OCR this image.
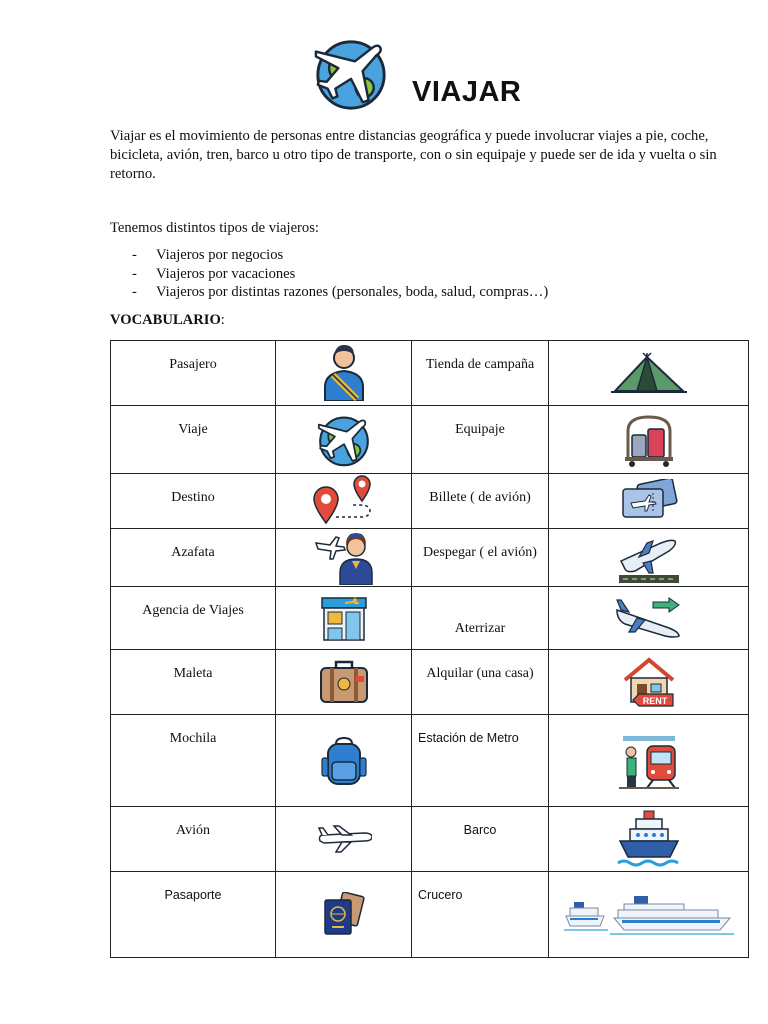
VIAJAR

Viajar es el movimiento de personas entre distancias geográfica y puede involucrar viajes a pie, coche, bicicleta, avión, tren, barco u otro tipo de transporte, con o sin equipaje y puede ser de ida y vuelta o sin retorno.

Tenemos distintos tipos de viajeros:
- Viajeros por negocios
- Viajeros por vacaciones
- Viajeros por distintas razones (personales, boda, salud, compras…)
VOCABULARIO:
Pasajero		Tienda de campaña	

Viaje		Equipaje	

Destino		Billete ( de avión)	

Azafata		Despegar ( el avión)	

Agencia de Viajes		Aterrizar

Maleta		Alquilar (una casa)	RENT

Mochila		Estación de Metro	

Avión		Barco	

Pasaporte		Crucero	
